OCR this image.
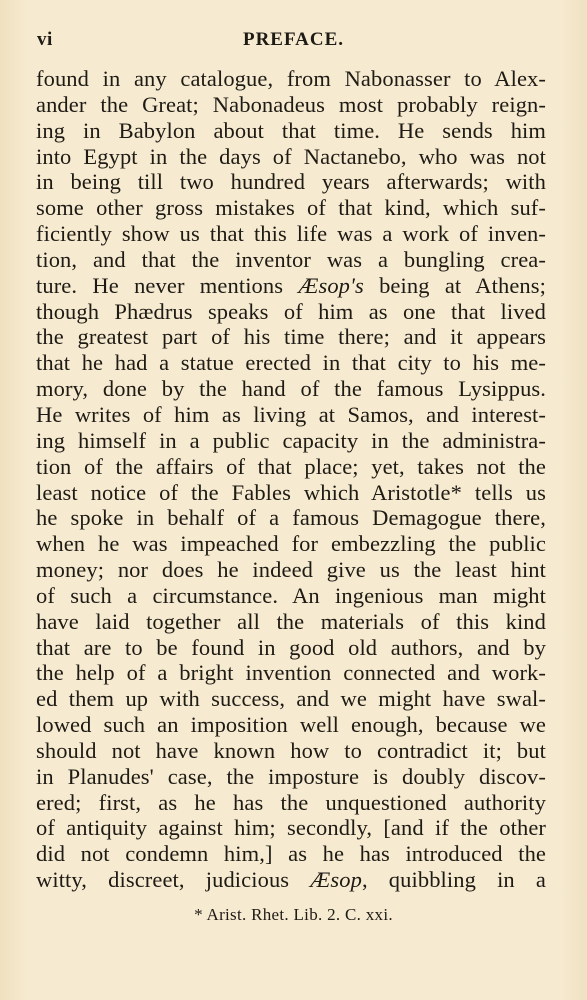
vi	PREFACE.
found in any catalogue, from Nabonasser to Alex-
ander the Great; Nabonadeus most probably reign-
ing in Babylon about that time. He sends him
into Egypt in the days of Nactanebo, who was not
in being till two hundred years afterwards; with
some other gross mistakes of that kind, which suf-
ficiently show us that this life was a work of inven-
tion, and that the inventor was a bungling crea-
ture. He never mentions Æsop's being at Athens;
though Phædrus speaks of him as one that lived
the greatest part of his time there; and it appears
that he had a statue erected in that city to his me-
mory, done by the hand of the famous Lysippus.
He writes of him as living at Samos, and interest-
ing himself in a public capacity in the administra-
tion of the affairs of that place; yet, takes not the
least notice of the Fables which Aristotle* tells us
he spoke in behalf of a famous Demagogue there,
when he was impeached for embezzling the public
money; nor does he indeed give us the least hint
of such a circumstance. An ingenious man might
have laid together all the materials of this kind
that are to be found in good old authors, and by
the help of a bright invention connected and work-
ed them up with success, and we might have swal-
lowed such an imposition well enough, because we
should not have known how to contradict it; but
in Planudes' case, the imposture is doubly discov-
ered; first, as he has the unquestioned authority
of antiquity against him; secondly, [and if the other
did not condemn him,] as he has introduced the
witty, discreet, judicious Æsop, quibbling in a
* Arist. Rhet. Lib. 2. C. xxi.
